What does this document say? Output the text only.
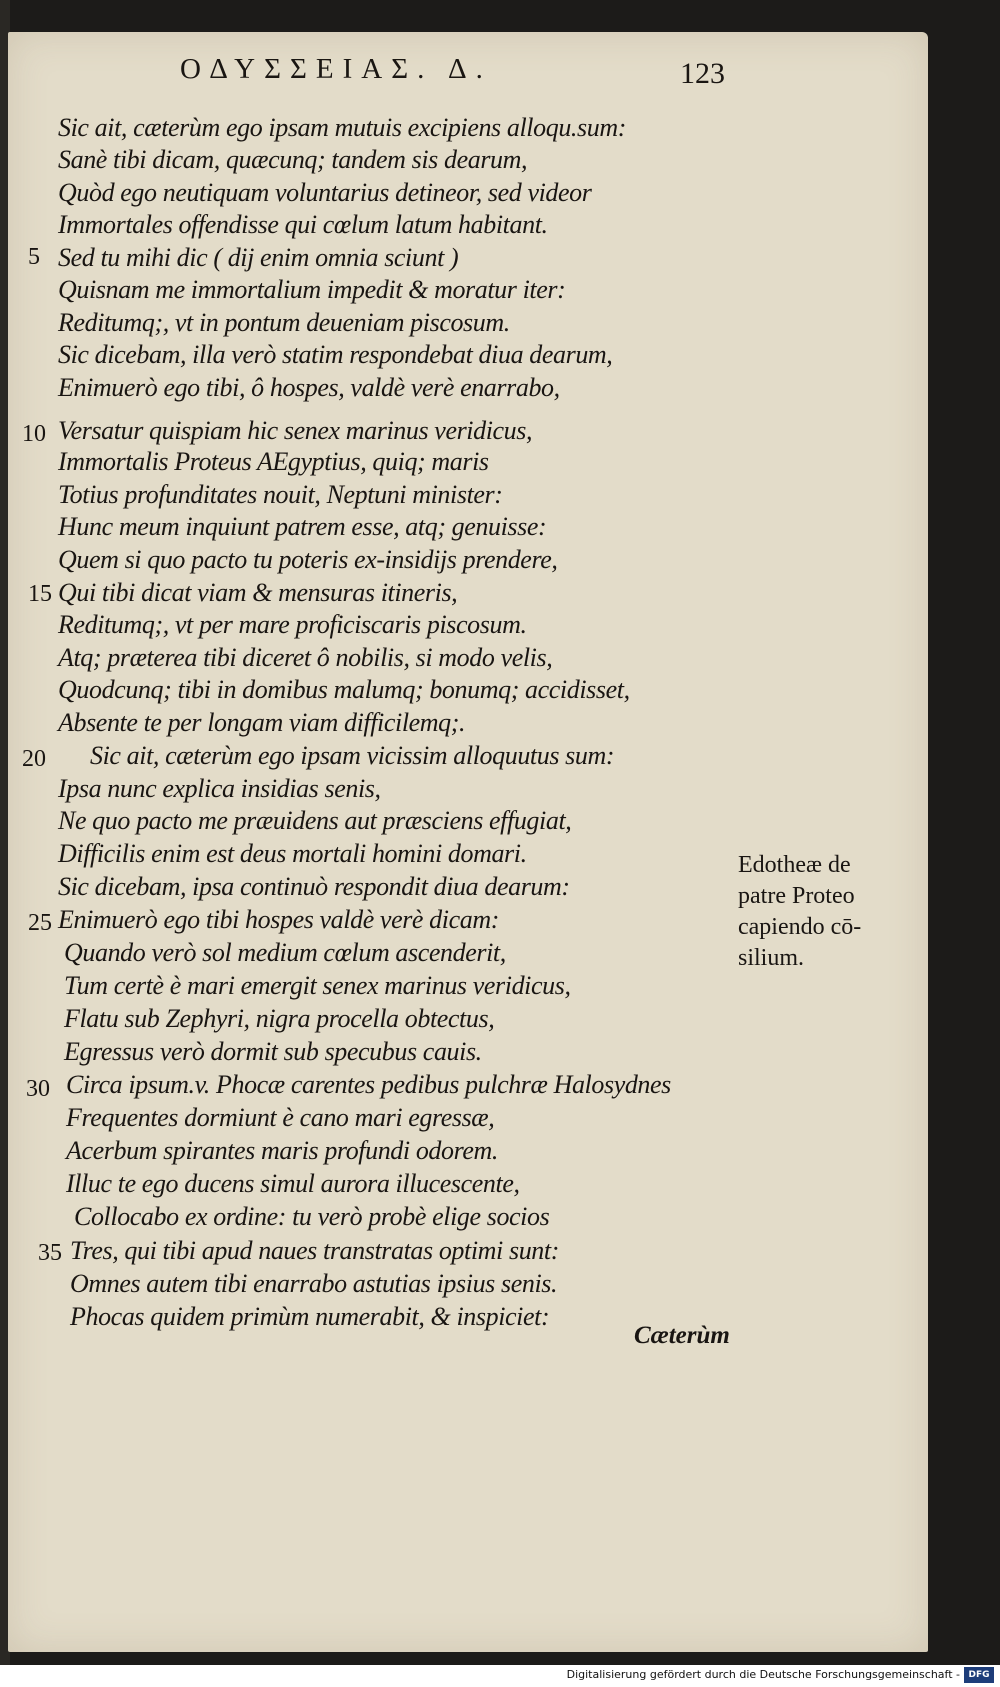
ΟΔΥΣΣΕΙΑΣ. Δ.	123
Sic ait, cæterùm ego ipsam mutuis excipiens alloqu.sum:
Sanè tibi dicam, quæcunq; tandem sis dearum,
Quòd ego neutiquam voluntarius detineor, sed videor
Immortales offendisse qui cœlum latum habitant.
Sed tu mihi dic ( dij enim omnia sciunt )
Quisnam me immortalium impedit & moratur iter:
Reditumq;, vt in pontum deueniam piscosum.
Sic dicebam, illa verò statim respondebat diua dearum,
Enimuerò ego tibi, ô hospes, valdè verè enarrabo,
Versatur quispiam hic senex marinus veridicus,
Immortalis Proteus AEgyptius, quiq; maris
Totius profunditates nouit, Neptuni minister:
Hunc meum inquiunt patrem esse, atq; genuisse:
Quem si quo pacto tu poteris ex-insidijs prendere,
Qui tibi dicat viam & mensuras itineris,
Reditumq;, vt per mare proficiscaris piscosum.
Atq; præterea tibi diceret ô nobilis, si modo velis,
Quodcunq; tibi in domibus malumq; bonumq; accidisset,
Absente te per longam viam difficilemq;.
Sic ait, cæterùm ego ipsam vicissim alloquutus sum:
Ipsa nunc explica insidias senis,
Ne quo pacto me præuidens aut præsciens effugiat,
Difficilis enim est deus mortali homini domari.
Sic dicebam, ipsa continuò respondit diua dearum:
Enimuerò ego tibi hospes valdè verè dicam:
Quando verò sol medium cœlum ascenderit,
Tum certè è mari emergit senex marinus veridicus,
Flatu sub Zephyri, nigra procella obtectus,
Egressus verò dormit sub specubus cauis.
Circa ipsum.v. Phocæ carentes pedibus pulchræ Halosydnes
Frequentes dormiunt è cano mari egressæ,
Acerbum spirantes maris profundi odorem.
Illuc te ego ducens simul aurora illucescente,
Collocabo ex ordine: tu verò probè elige socios
Tres, qui tibi apud naues transtratas optimi sunt:
Omnes autem tibi enarrabo astutias ipsius senis.
Phocas quidem primùm numerabit, & inspiciet:
5
10
15
20
25
30
35
Edotheæ de
patre Proteo
capiendo cō-
silium.
Cæterùm
Digitalisierung gefördert durch die Deutsche Forschungsgemeinschaft - DFG
